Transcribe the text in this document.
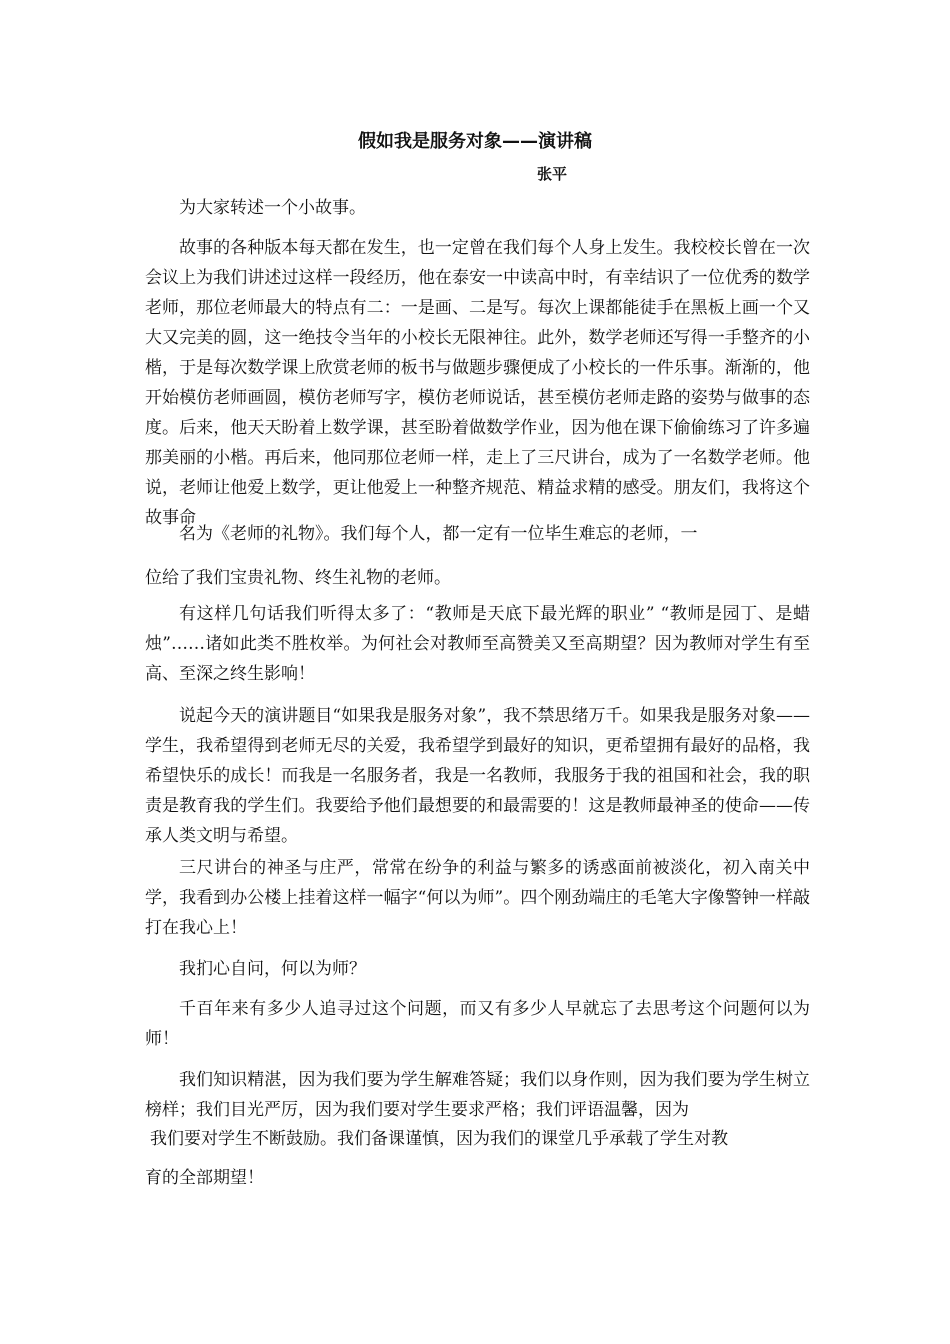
假如我是服务对象——演讲稿
张平
为大家转述一个小故事。
故事的各种版本每天都在发生，也一定曾在我们每个人身上发生。我校校长曾在一次会议上为我们讲述过这样一段经历，他在泰安一中读高中时，有幸结识了一位优秀的数学老师，那位老师最大的特点有二：一是画、二是写。每次上课都能徒手在黑板上画一个又大又完美的圆，这一绝技令当年的小校长无限神往。此外，数学老师还写得一手整齐的小楷，于是每次数学课上欣赏老师的板书与做题步骤便成了小校长的一件乐事。渐渐的，他开始模仿老师画圆，模仿老师写字，模仿老师说话，甚至模仿老师走路的姿势与做事的态度。后来，他天天盼着上数学课，甚至盼着做数学作业，因为他在课下偷偷练习了许多遍那美丽的小楷。再后来，他同那位老师一样，走上了三尺讲台，成为了一名数学老师。他说，老师让他爱上数学，更让他爱上一种整齐规范、精益求精的感受。朋友们，我将这个故事命
名为《老师的礼物》。我们每个人，都一定有一位毕生难忘的老师，一
位给了我们宝贵礼物、终生礼物的老师。
有这样几句话我们听得太多了：“教师是天底下最光辉的职业” “教师是园丁、是蜡烛”……诸如此类不胜枚举。为何社会对教师至高赞美又至高期望？因为教师对学生有至高、至深之终生影响！
说起今天的演讲题目“如果我是服务对象”，我不禁思绪万千。如果我是服务对象——学生，我希望得到老师无尽的关爱，我希望学到最好的知识，更希望拥有最好的品格，我希望快乐的成长！而我是一名服务者，我是一名教师，我服务于我的祖国和社会，我的职责是教育我的学生们。我要给予他们最想要的和最需要的！这是教师最神圣的使命——传承人类文明与希望。
三尺讲台的神圣与庄严，常常在纷争的利益与繁多的诱惑面前被淡化，初入南关中学，我看到办公楼上挂着这样一幅字“何以为师”。四个刚劲端庄的毛笔大字像警钟一样敲打在我心上！
我扪心自问，何以为师？
千百年来有多少人追寻过这个问题，而又有多少人早就忘了去思考这个问题何以为师！
我们知识精湛，因为我们要为学生解难答疑；我们以身作则，因为我们要为学生树立榜样；我们目光严厉，因为我们要对学生要求严格；我们评语温馨，因为
我们要对学生不断鼓励。我们备课谨慎，因为我们的课堂几乎承载了学生对教
育的全部期望！
